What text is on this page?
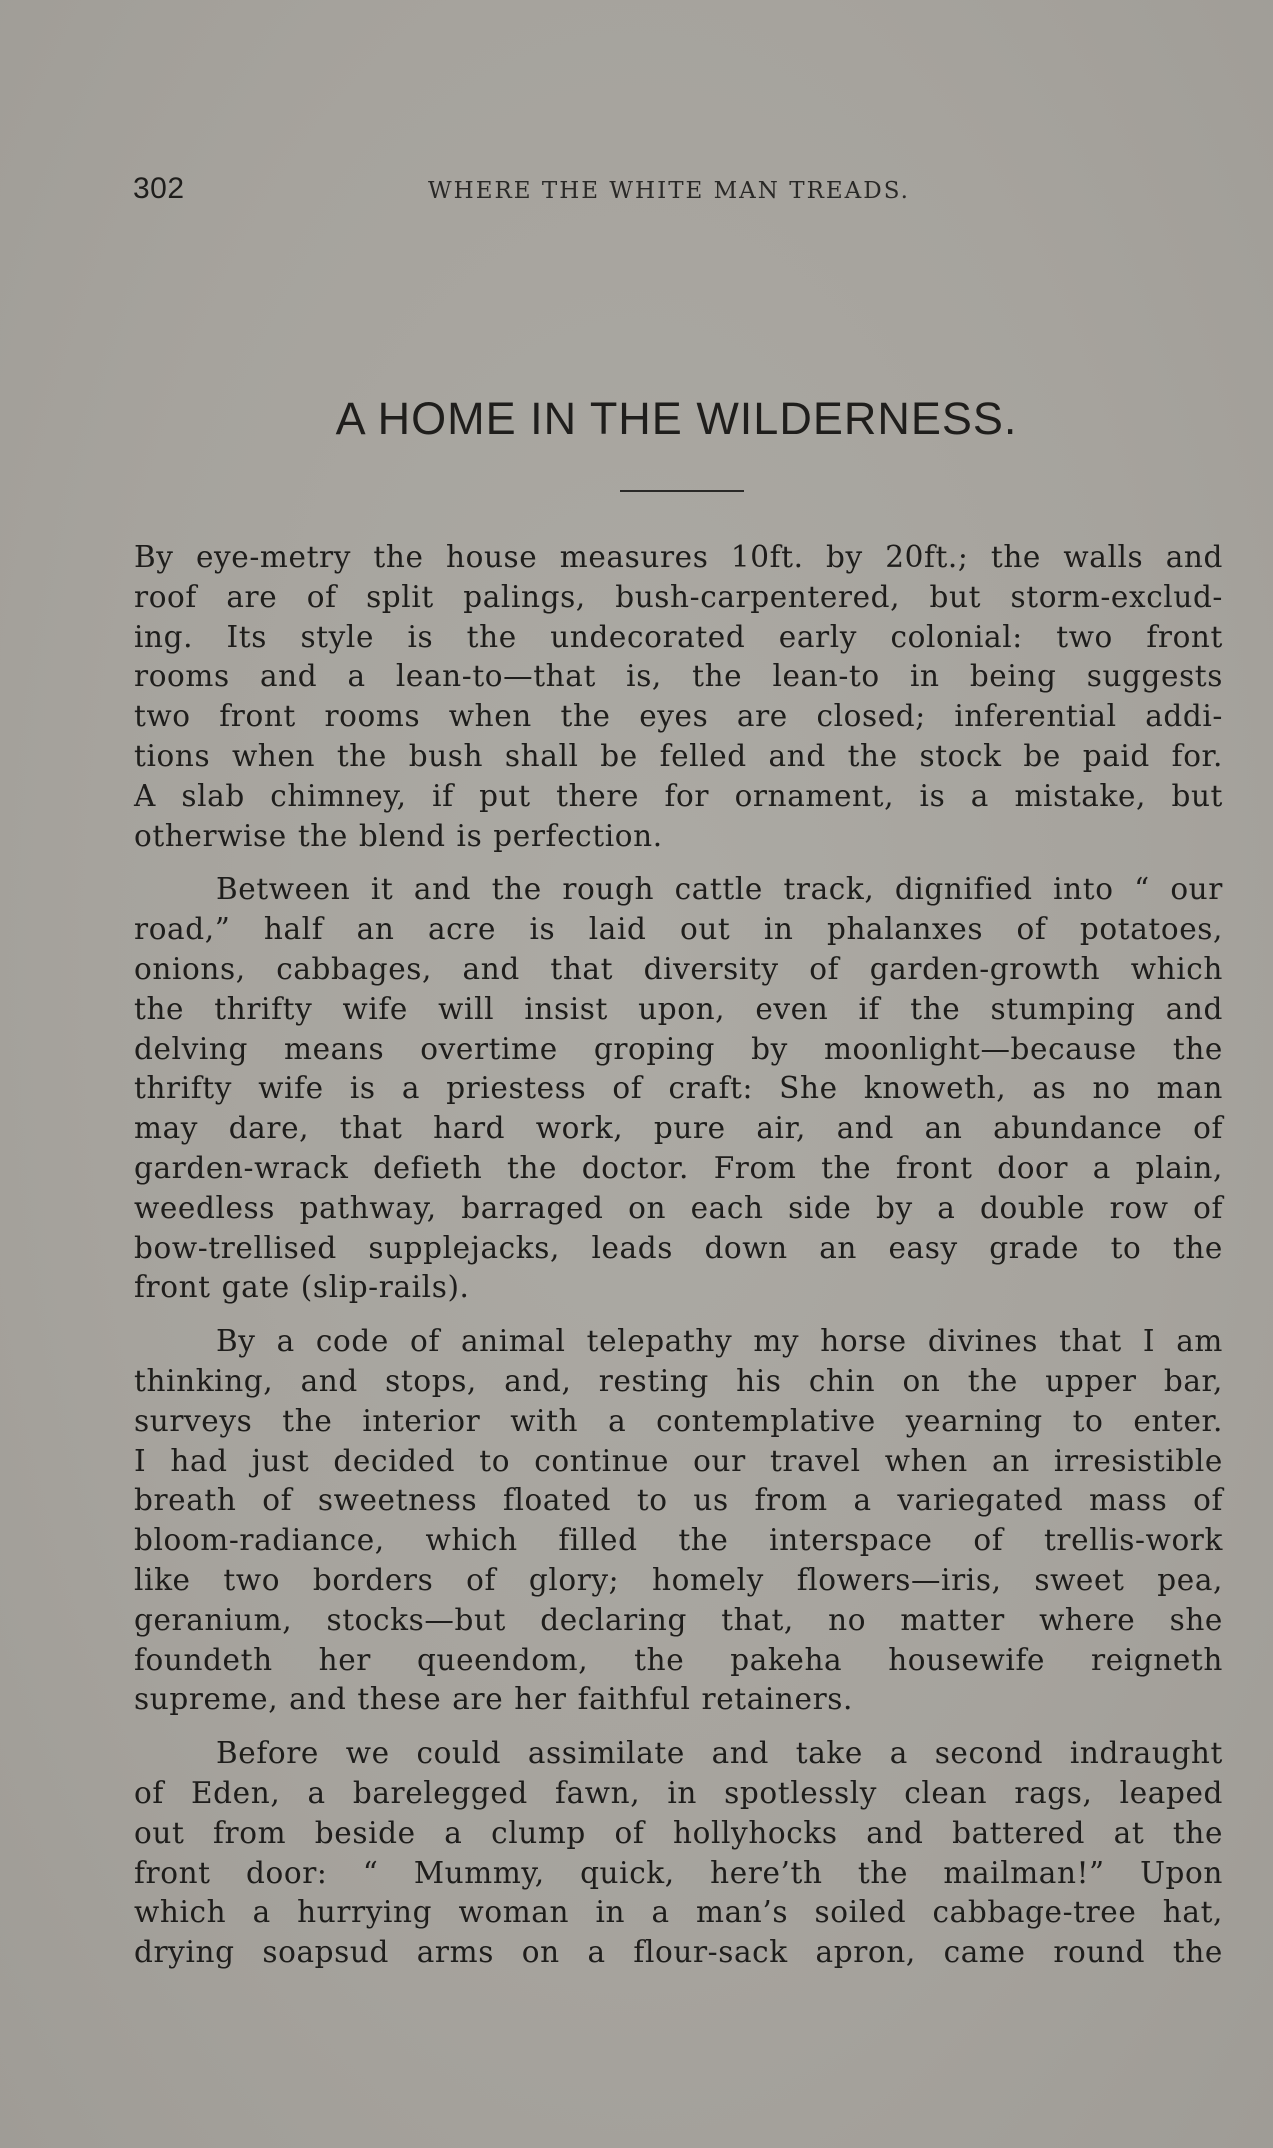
302	WHERE THE WHITE MAN TREADS.
A HOME IN THE WILDERNESS.

By eye-metry the house measures 10ft. by 20ft.; the walls and
roof are of split palings, bush-carpentered, but storm-exclud-
ing. Its style is the undecorated early colonial: two front
rooms and a lean-to—that is, the lean-to in being suggests
two front rooms when the eyes are closed; inferential addi-
tions when the bush shall be felled and the stock be paid for.
A slab chimney, if put there for ornament, is a mistake, but
otherwise the blend is perfection.

Between it and the rough cattle track, dignified into “ our
road,” half an acre is laid out in phalanxes of potatoes,
onions, cabbages, and that diversity of garden-growth which
the thrifty wife will insist upon, even if the stumping and
delving means overtime groping by moonlight—because the
thrifty wife is a priestess of craft: She knoweth, as no man
may dare, that hard work, pure air, and an abundance of
garden-wrack defieth the doctor. From the front door a plain,
weedless pathway, barraged on each side by a double row of
bow-trellised supplejacks, leads down an easy grade to the
front gate (slip-rails).

By a code of animal telepathy my horse divines that I am
thinking, and stops, and, resting his chin on the upper bar,
surveys the interior with a contemplative yearning to enter.
I had just decided to continue our travel when an irresistible
breath of sweetness floated to us from a variegated mass of
bloom-radiance, which filled the interspace of trellis-work
like two borders of glory; homely flowers—iris, sweet pea,
geranium, stocks—but declaring that, no matter where she
foundeth her queendom, the pakeha housewife reigneth
supreme, and these are her faithful retainers.

Before we could assimilate and take a second indraught
of Eden, a barelegged fawn, in spotlessly clean rags, leaped
out from beside a clump of hollyhocks and battered at the
front door: “ Mummy, quick, here’th the mailman!” Upon
which a hurrying woman in a man’s soiled cabbage-tree hat,
drying soapsud arms on a flour-sack apron, came round the
